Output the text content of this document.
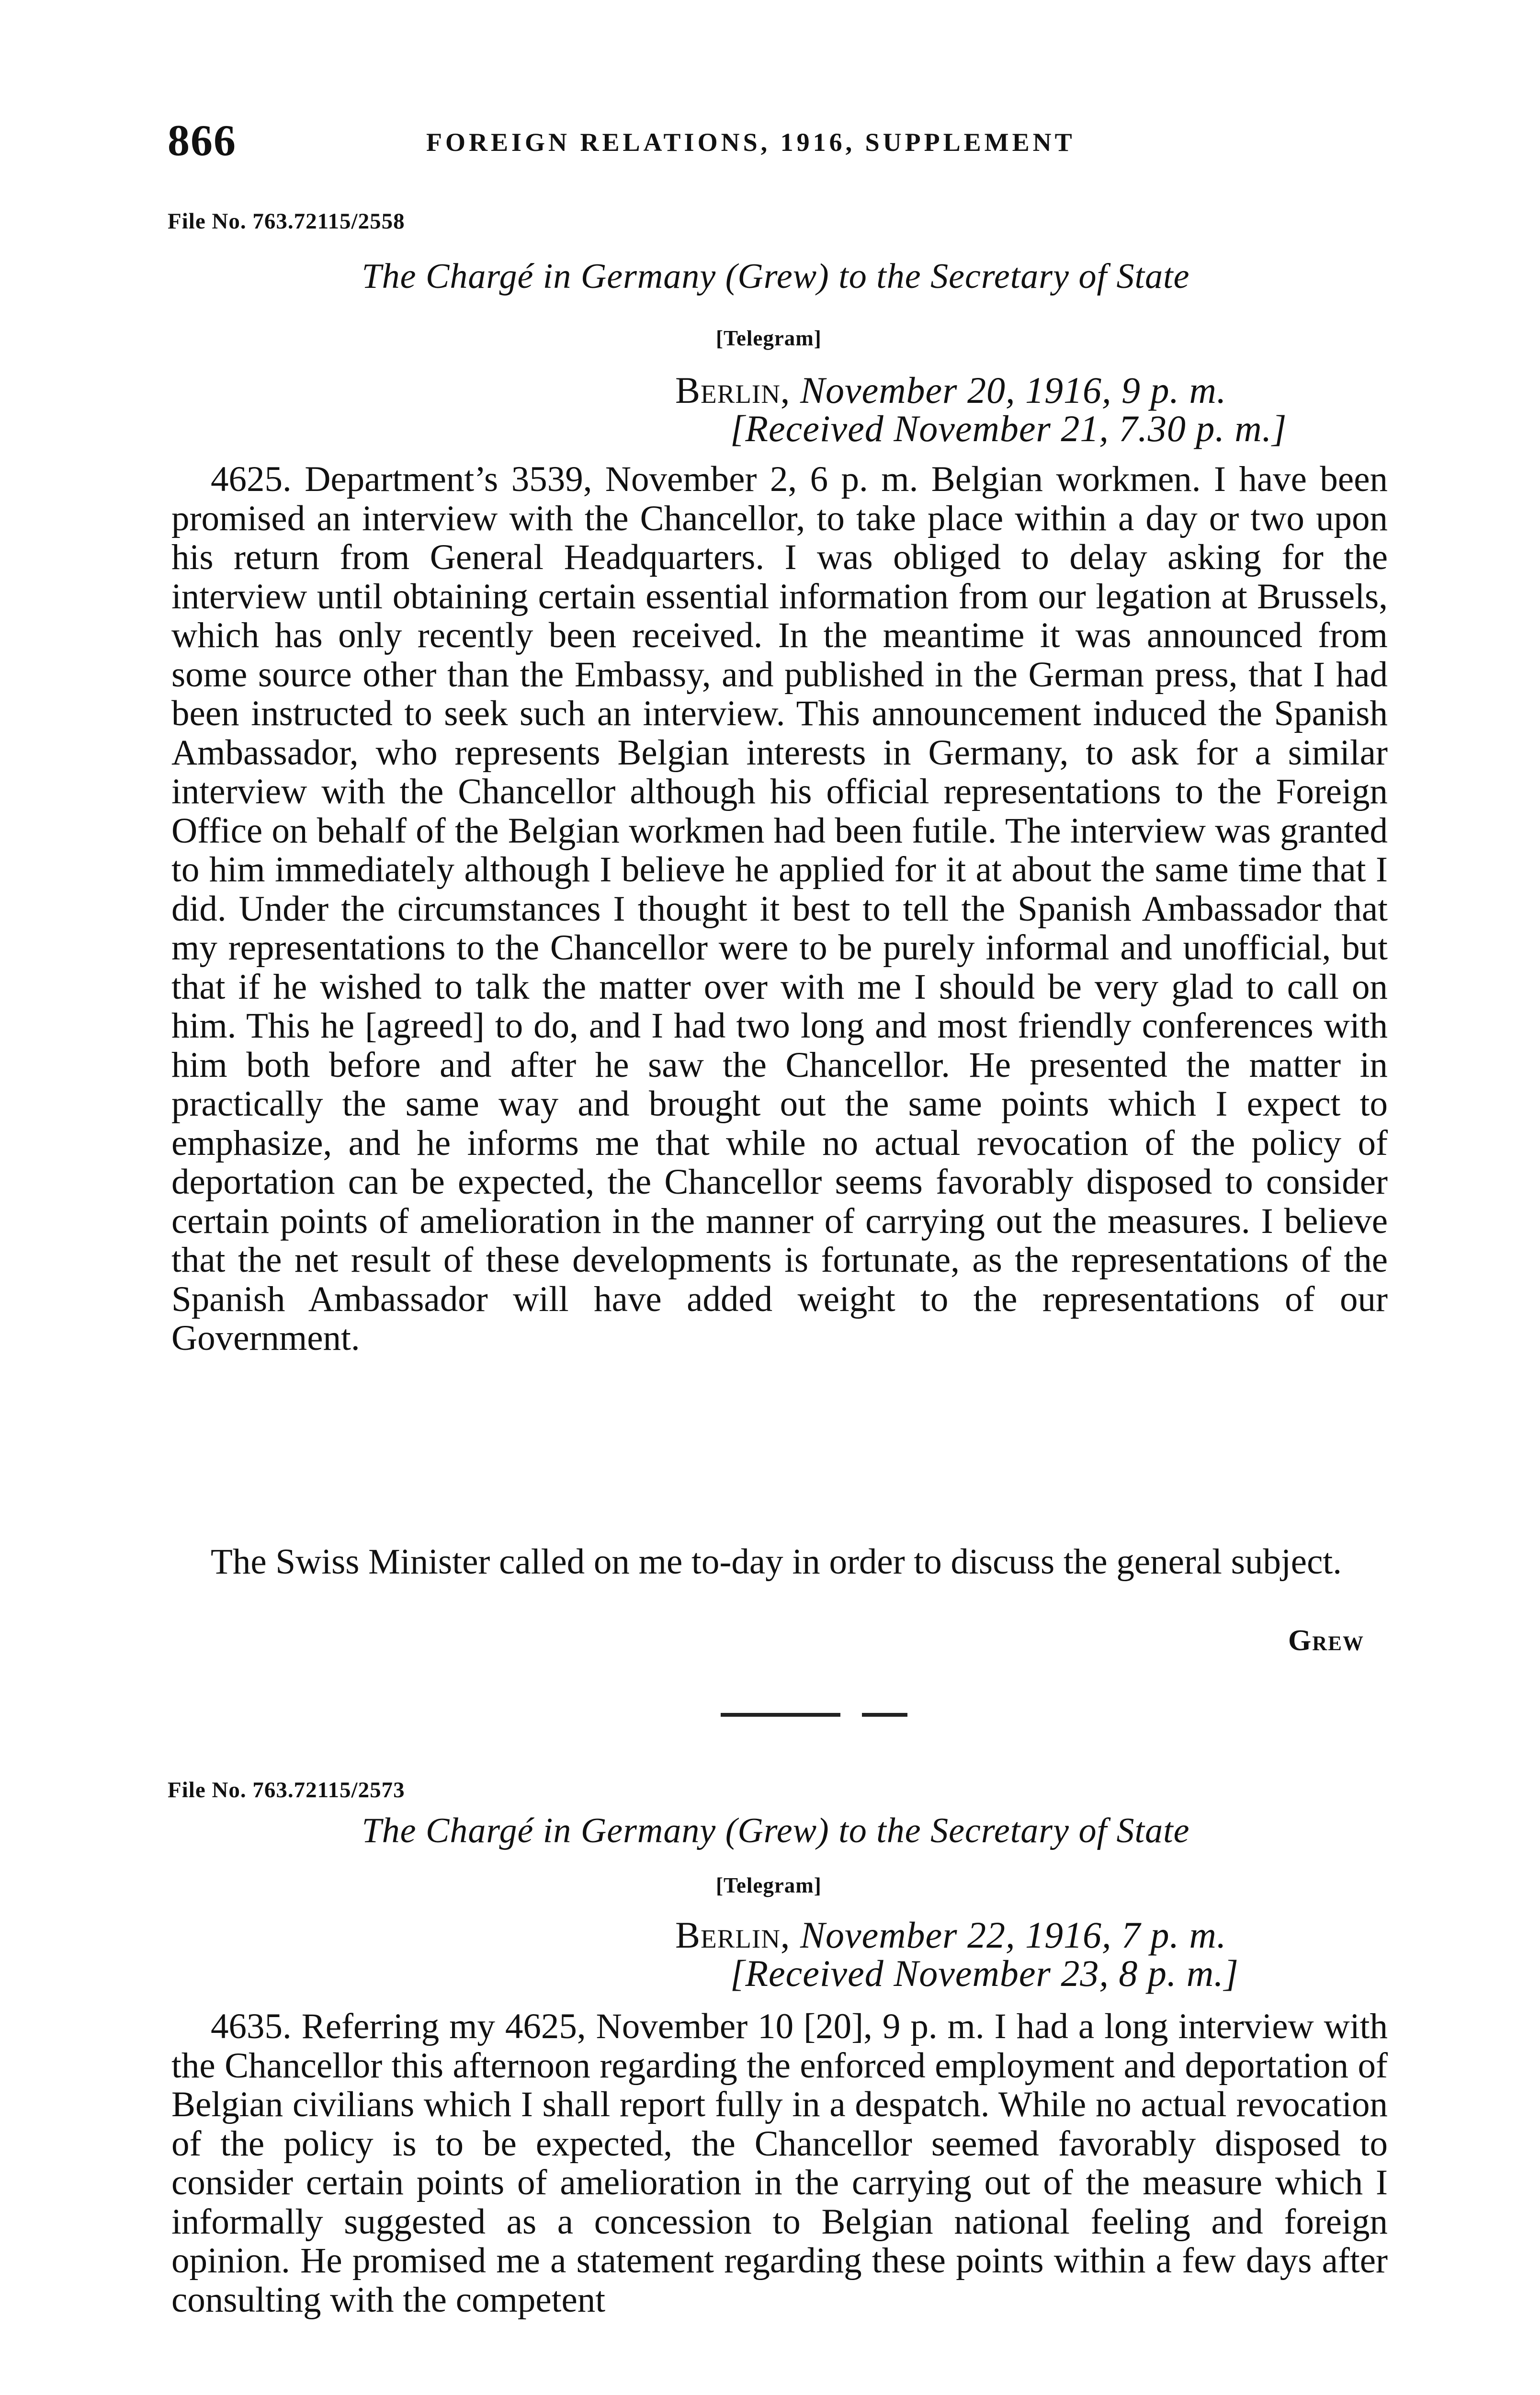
866	FOREIGN RELATIONS, 1916, SUPPLEMENT
File No. 763.72115/2558
The Chargé in Germany (Grew) to the Secretary of State
[Telegram]
Berlin, November 20, 1916, 9 p. m.
[Received November 21, 7.30 p. m.]

4625. Department’s 3539, November 2, 6 p. m. Belgian workmen. I have been promised an interview with the Chancellor, to take place within a day or two upon his return from General Headquarters. I was obliged to delay asking for the interview until obtaining certain essential information from our legation at Brussels, which has only recently been received. In the meantime it was announced from some source other than the Embassy, and published in the German press, that I had been instructed to seek such an interview. This announcement induced the Spanish Ambassador, who represents Belgian interests in Germany, to ask for a similar interview with the Chancellor although his official representations to the Foreign Office on behalf of the Belgian workmen had been futile. The interview was granted to him immediately although I believe he applied for it at about the same time that I did. Under the circumstances I thought it best to tell the Spanish Ambassador that my representations to the Chancellor were to be purely informal and unofficial, but that if he wished to talk the matter over with me I should be very glad to call on him. This he [agreed] to do, and I had two long and most friendly conferences with him both before and after he saw the Chancellor. He presented the matter in practically the same way and brought out the same points which I expect to emphasize, and he informs me that while no actual revocation of the policy of deportation can be expected, the Chancellor seems favorably disposed to consider certain points of amelioration in the manner of carrying out the measures. I believe that the net result of these developments is fortunate, as the representations of the Spanish Ambassador will have added weight to the representations of our Government.

The Swiss Minister called on me to-day in order to discuss the general subject.

Grew
File No. 763.72115/2573
The Chargé in Germany (Grew) to the Secretary of State
[Telegram]
Berlin, November 22, 1916, 7 p. m.
[Received November 23, 8 p. m.]

4635. Referring my 4625, November 10 [20], 9 p. m. I had a long interview with the Chancellor this afternoon regarding the enforced employment and deportation of Belgian civilians which I shall report fully in a despatch. While no actual revocation of the policy is to be expected, the Chancellor seemed favorably disposed to consider certain points of amelioration in the carrying out of the measure which I informally suggested as a concession to Belgian national feeling and foreign opinion. He promised me a statement regarding these points within a few days after consulting with the competent
